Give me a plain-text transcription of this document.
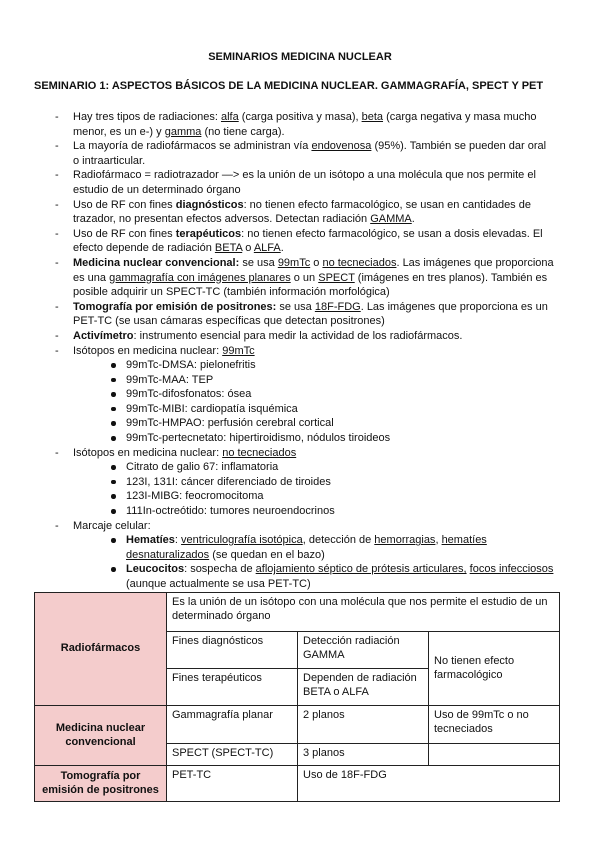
SEMINARIOS MEDICINA NUCLEAR
SEMINARIO 1: ASPECTOS BÁSICOS DE LA MEDICINA NUCLEAR. GAMMAGRAFÍA, SPECT Y PET
- Hay tres tipos de radiaciones: alfa (carga positiva y masa), beta (carga negativa y masa mucho menor, es un e-) y gamma (no tiene carga).
- La mayoría de radiofármacos se administran vía endovenosa (95%). También se pueden dar oral o intraarticular.
- Radiofármaco = radiotrazador —> es la unión de un isótopo a una molécula que nos permite el estudio de un determinado órgano
- Uso de RF con fines diagnósticos: no tienen efecto farmacológico, se usan en cantidades de trazador, no presentan efectos adversos. Detectan radiación GAMMA.
- Uso de RF con fines terapéuticos: no tienen efecto farmacológico, se usan a dosis elevadas. El efecto depende de radiación BETA o ALFA.
- Medicina nuclear convencional: se usa 99mTc o no tecneciados. Las imágenes que proporciona es una gammagrafía con imágenes planares o un SPECT (imágenes en tres planos). También es posible adquirir un SPECT-TC (también información morfológica)
- Tomografía por emisión de positrones: se usa 18F-FDG. Las imágenes que proporciona es un PET-TC (se usan cámaras específicas que detectan positrones)
- Activímetro: instrumento esencial para medir la actividad de los radiofármacos.
- Isótopos en medicina nuclear: 99mTc
99mTc-DMSA: pielonefritis
99mTc-MAA: TEP
99mTc-difosfonatos: ósea
99mTc-MIBI: cardiopatía isquémica
99mTc-HMPAO: perfusión cerebral cortical
99mTc-pertecnetato: hipertiroidismo, nódulos tiroideos
- Isótopos en medicina nuclear: no tecneciados
Citrato de galio 67: inflamatoria
123I, 131I: cáncer diferenciado de tiroides
123I-MIBG: feocromocitoma
111In-octreótido: tumores neuroendocrinos
- Marcaje celular:
Hematíes: ventriculografía isotópica, detección de hemorragias, hematíes desnaturalizados (se quedan en el bazo)
Leucocitos: sospecha de aflojamiento séptico de prótesis articulares, focos infecciosos (aunque actualmente se usa PET-TC)
Radiofármacos	Es la unión de un isótopo con una molécula que nos permite el estudio de un determinado órgano		
	Fines diagnósticos	Detección radiación GAMMA	No tienen efecto farmacológico
	Fines terapéuticos	Dependen de radiación BETA o ALFA	
Medicina nuclear convencional	Gammagrafía planar	2 planos	Uso de 99mTc o no tecneciados
	SPECT (SPECT-TC)	3 planos	
Tomografía por emisión de positrones	PET-TC	Uso de 18F-FDG	
